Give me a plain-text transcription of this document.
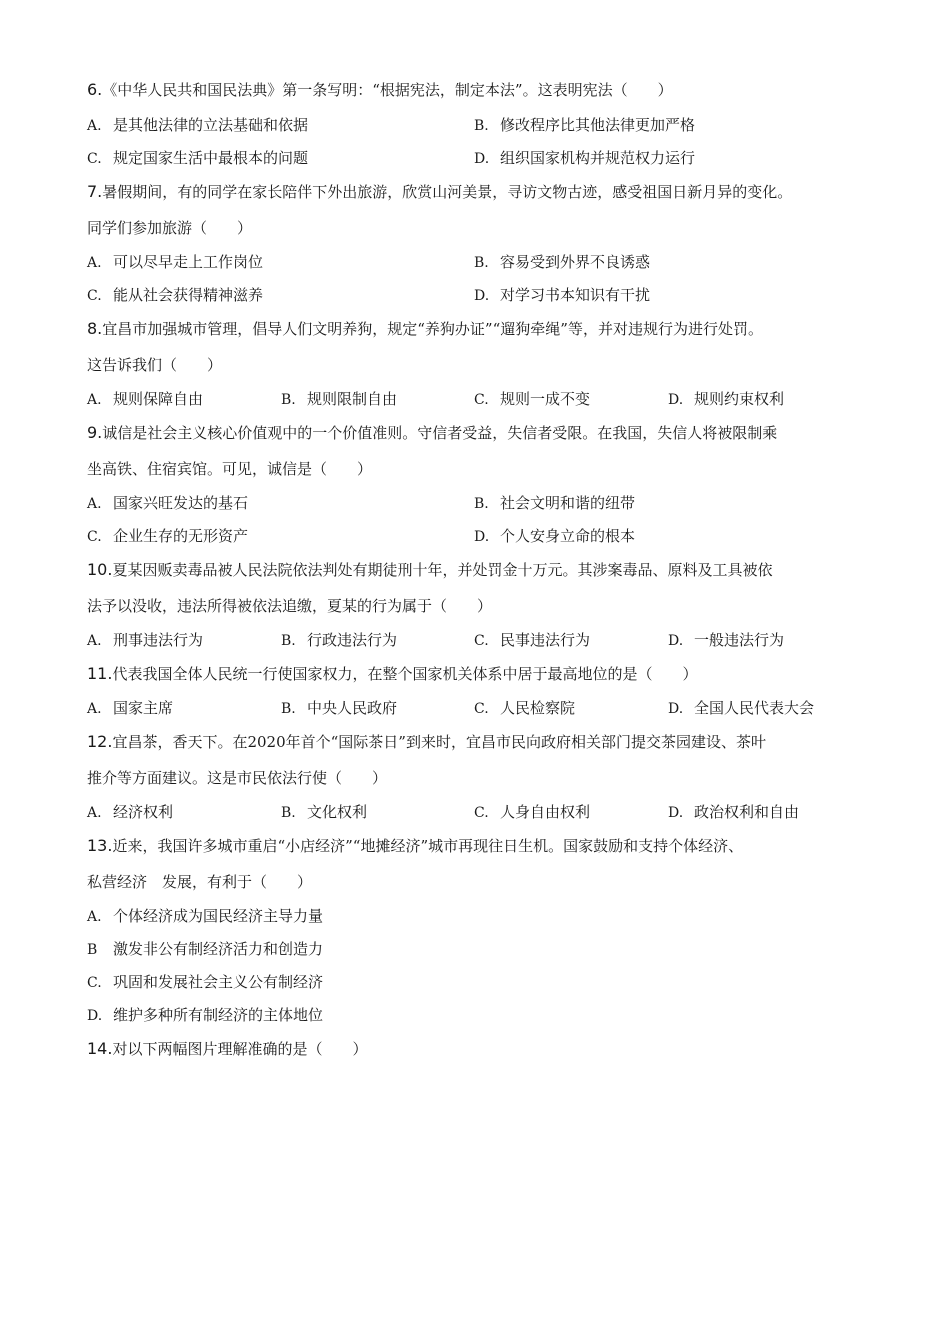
6.《中华人民共和国民法典》第一条写明：“根据宪法，制定本法”。这表明宪法（　　）
A. 是其他法律的立法基础和依据	B. 修改程序比其他法律更加严格
C. 规定国家生活中最根本的问题	D. 组织国家机构并规范权力运行
7.暑假期间，有的同学在家长陪伴下外出旅游，欣赏山河美景，寻访文物古迹，感受祖国日新月异的变化。
同学们参加旅游（　　）
A. 可以尽早走上工作岗位	B. 容易受到外界不良诱惑
C. 能从社会获得精神滋养	D. 对学习书本知识有干扰
8.宜昌市加强城市管理，倡导人们文明养狗，规定“养狗办证”“遛狗牵绳”等，并对违规行为进行处罚。
这告诉我们（　　）
A. 规则保障自由	B. 规则限制自由	C. 规则一成不变	D. 规则约束权利
9.诚信是社会主义核心价值观中的一个价值准则。守信者受益，失信者受限。在我国，失信人将被限制乘
坐高铁、住宿宾馆。可见，诚信是（　　）
A. 国家兴旺发达的基石	B. 社会文明和谐的纽带
C. 企业生存的无形资产	D. 个人安身立命的根本
10.夏某因贩卖毒品被人民法院依法判处有期徒刑十年，并处罚金十万元。其涉案毒品、原料及工具被依
法予以没收，违法所得被依法追缴，夏某的行为属于（　　）
A. 刑事违法行为	B. 行政违法行为	C. 民事违法行为	D. 一般违法行为
11.代表我国全体人民统一行使国家权力，在整个国家机关体系中居于最高地位的是（　　）
A. 国家主席	B. 中央人民政府	C. 人民检察院	D. 全国人民代表大会
12.宜昌茶，香天下。在2020年首个“国际茶日”到来时，宜昌市民向政府相关部门提交茶园建设、茶叶
推介等方面建议。这是市民依法行使（　　）
A. 经济权利	B. 文化权利	C. 人身自由权利	D. 政治权利和自由
13.近来，我国许多城市重启“小店经济”“地摊经济”城市再现往日生机。国家鼓励和支持个体经济、
私营经济　发展，有利于（　　）
A. 个体经济成为国民经济主导力量
B 激发非公有制经济活力和创造力
C. 巩固和发展社会主义公有制经济
D. 维护多种所有制经济的主体地位
14.对以下两幅图片理解准确的是（　　）
